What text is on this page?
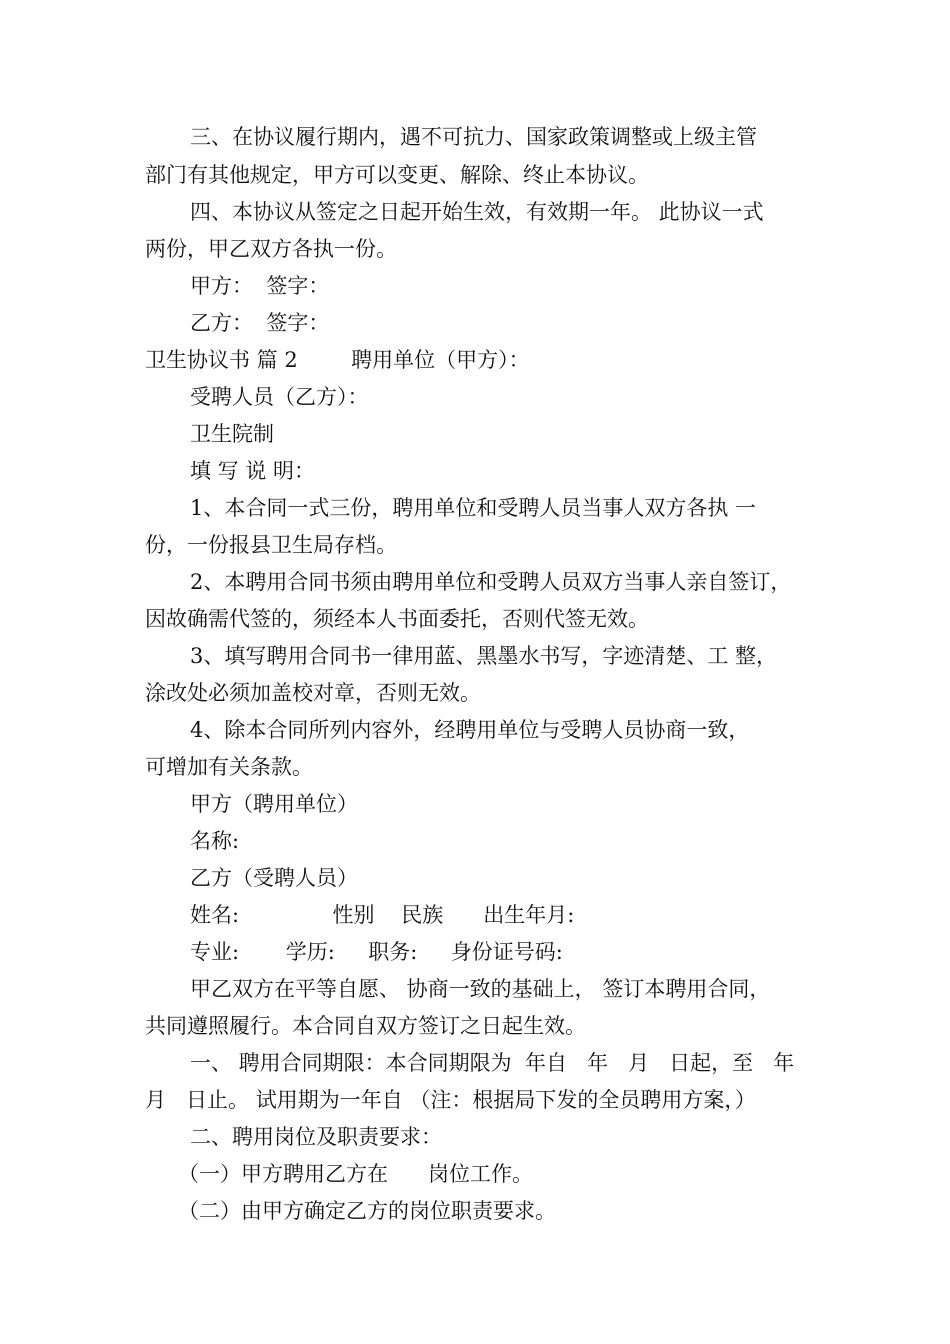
三、在协议履行期内，遇不可抗力、国家政策调整或上级主管
部门有其他规定，甲方可以变更、解除、终止本协议。
四、本协议从签定之日起开始生效，有效期一年。 此协议一式
两份，甲乙双方各执一份。
甲方：  签字：
乙方：  签字：
卫生协议书 篇 2        聘用单位（甲方）：
受聘人员（乙方）：
卫生院制
填 写 说 明：
1、本合同一式三份，聘用单位和受聘人员当事人双方各执 一
份，一份报县卫生局存档。
2、本聘用合同书须由聘用单位和受聘人员双方当事人亲自签订，
因故确需代签的，须经本人书面委托，否则代签无效。
3、填写聘用合同书一律用蓝、黑墨水书写，字迹清楚、工 整，
涂改处必须加盖校对章，否则无效。
4、除本合同所列内容外，经聘用单位与受聘人员协商一致，
可增加有关条款。
甲方（聘用单位）
名称:
乙方（受聘人员）
姓名:              性别    民族      出生年月:
专业:       学历:     职务:     身份证号码:
甲乙双方在平等自愿、 协商一致的基础上， 签订本聘用合同，
共同遵照履行。本合同自双方签订之日起生效。
一、 聘用合同期限：本合同期限为  年自   年   月   日起，至   年
月   日止。 试用期为一年自 （注：根据局下发的全员聘用方案，）
二、聘用岗位及职责要求：
（一）甲方聘用乙方在      岗位工作。
（二）由甲方确定乙方的岗位职责要求。
